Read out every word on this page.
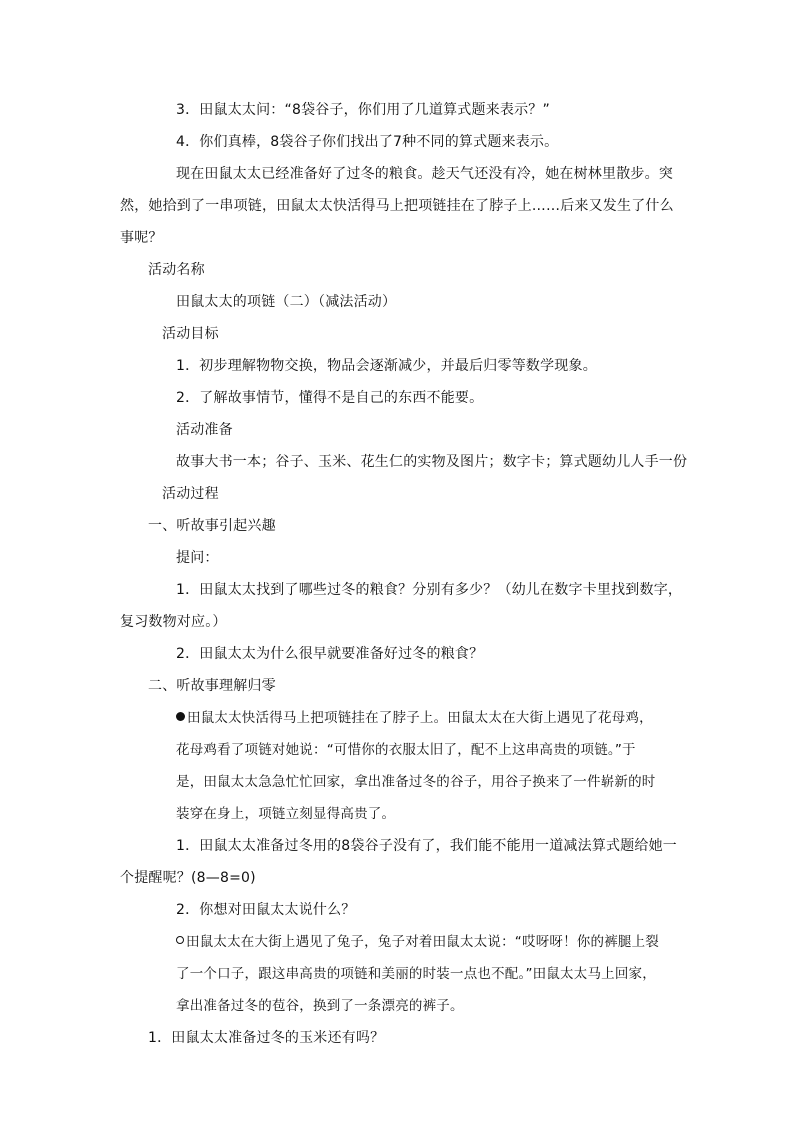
3．田鼠太太问：“8袋谷子，你们用了几道算式题来表示？”
4．你们真棒，8袋谷子你们找出了7种不同的算式题来表示。
现在田鼠太太已经准备好了过冬的粮食。趁天气还没有冷，她在树林里散步。突
然，她拾到了一串项链，田鼠太太快活得马上把项链挂在了脖子上……后来又发生了什么
事呢？
活动名称
田鼠太太的项链（二）（减法活动）
活动目标
1．初步理解物物交换，物品会逐渐减少，并最后归零等数学现象。
2．了解故事情节，懂得不是自己的东西不能要。
活动准备
故事大书一本；谷子、玉米、花生仁的实物及图片；数字卡；算式题幼儿人手一份
活动过程
一、听故事引起兴趣
提问：
1．田鼠太太找到了哪些过冬的粮食？分别有多少？（幼儿在数字卡里找到数字，
复习数物对应。）
2．田鼠太太为什么很早就要准备好过冬的粮食？
二、听故事理解归零
田鼠太太快活得马上把项链挂在了脖子上。田鼠太太在大街上遇见了花母鸡，
花母鸡看了项链对她说：“可惜你的衣服太旧了，配不上这串高贵的项链。”于
是，田鼠太太急急忙忙回家，拿出准备过冬的谷子，用谷子换来了一件崭新的时
装穿在身上，项链立刻显得高贵了。
1．田鼠太太准备过冬用的8袋谷子没有了，我们能不能用一道减法算式题给她一
个提醒呢？(8—8=0)
2．你想对田鼠太太说什么？
田鼠太太在大街上遇见了兔子，兔子对着田鼠太太说：“哎呀呀！你的裤腿上裂
了一个口子，跟这串高贵的项链和美丽的时装一点也不配。”田鼠太太马上回家，
拿出准备过冬的苞谷，换到了一条漂亮的裤子。
1．田鼠太太准备过冬的玉米还有吗？
